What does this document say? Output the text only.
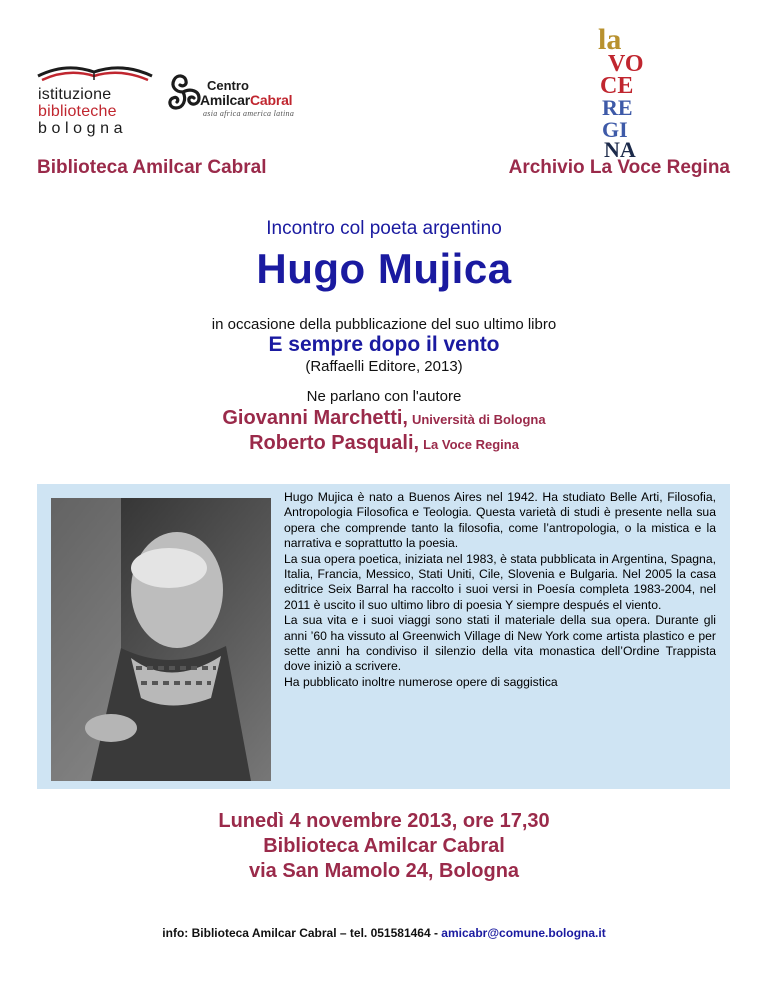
istituzione
biblioteche
bologna
Centro
AmilcarCabral
asia africa america latina
la
VO
CE
RE
GI
NA
Biblioteca Amilcar Cabral	Archivio La Voce Regina
Incontro col poeta argentino
Hugo Mujica
in occasione della pubblicazione del suo ultimo libro
E sempre dopo il vento
(Raffaelli Editore, 2013)
Ne parlano con l'autore
Giovanni Marchetti, Università di Bologna
Roberto Pasquali, La Voce Regina

Hugo Mujica è nato a Buenos Aires nel 1942. Ha studiato Belle Arti, Filosofia, Antropologia Filosofica e Teologia. Questa varietà di studi è presente nella sua opera che comprende tanto la filosofia, come l’antropologia, o la mistica e la narrativa e soprattutto la poesia.

La sua opera poetica, iniziata nel 1983, è stata pubblicata in Argentina, Spagna, Italia, Francia, Messico, Stati Uniti, Cile, Slovenia e Bulgaria. Nel 2005 la casa editrice Seix Barral ha raccolto i suoi versi in Poesía completa 1983-2004, nel 2011 è uscito il suo ultimo libro di poesia Y siempre después el viento.

La sua vita e i suoi viaggi sono stati il materiale della sua opera. Durante gli anni ’60 ha vissuto al Greenwich Village di New York come artista plastico e per sette anni ha condiviso il silenzio della vita monastica dell’Ordine Trappista dove iniziò a scrivere.

Ha pubblicato inoltre numerose opere di saggistica

Lunedì 4 novembre 2013, ore 17,30
Biblioteca Amilcar Cabral
via San Mamolo 24, Bologna
info: Biblioteca Amilcar Cabral – tel. 051581464 - amicabr@comune.bologna.it
